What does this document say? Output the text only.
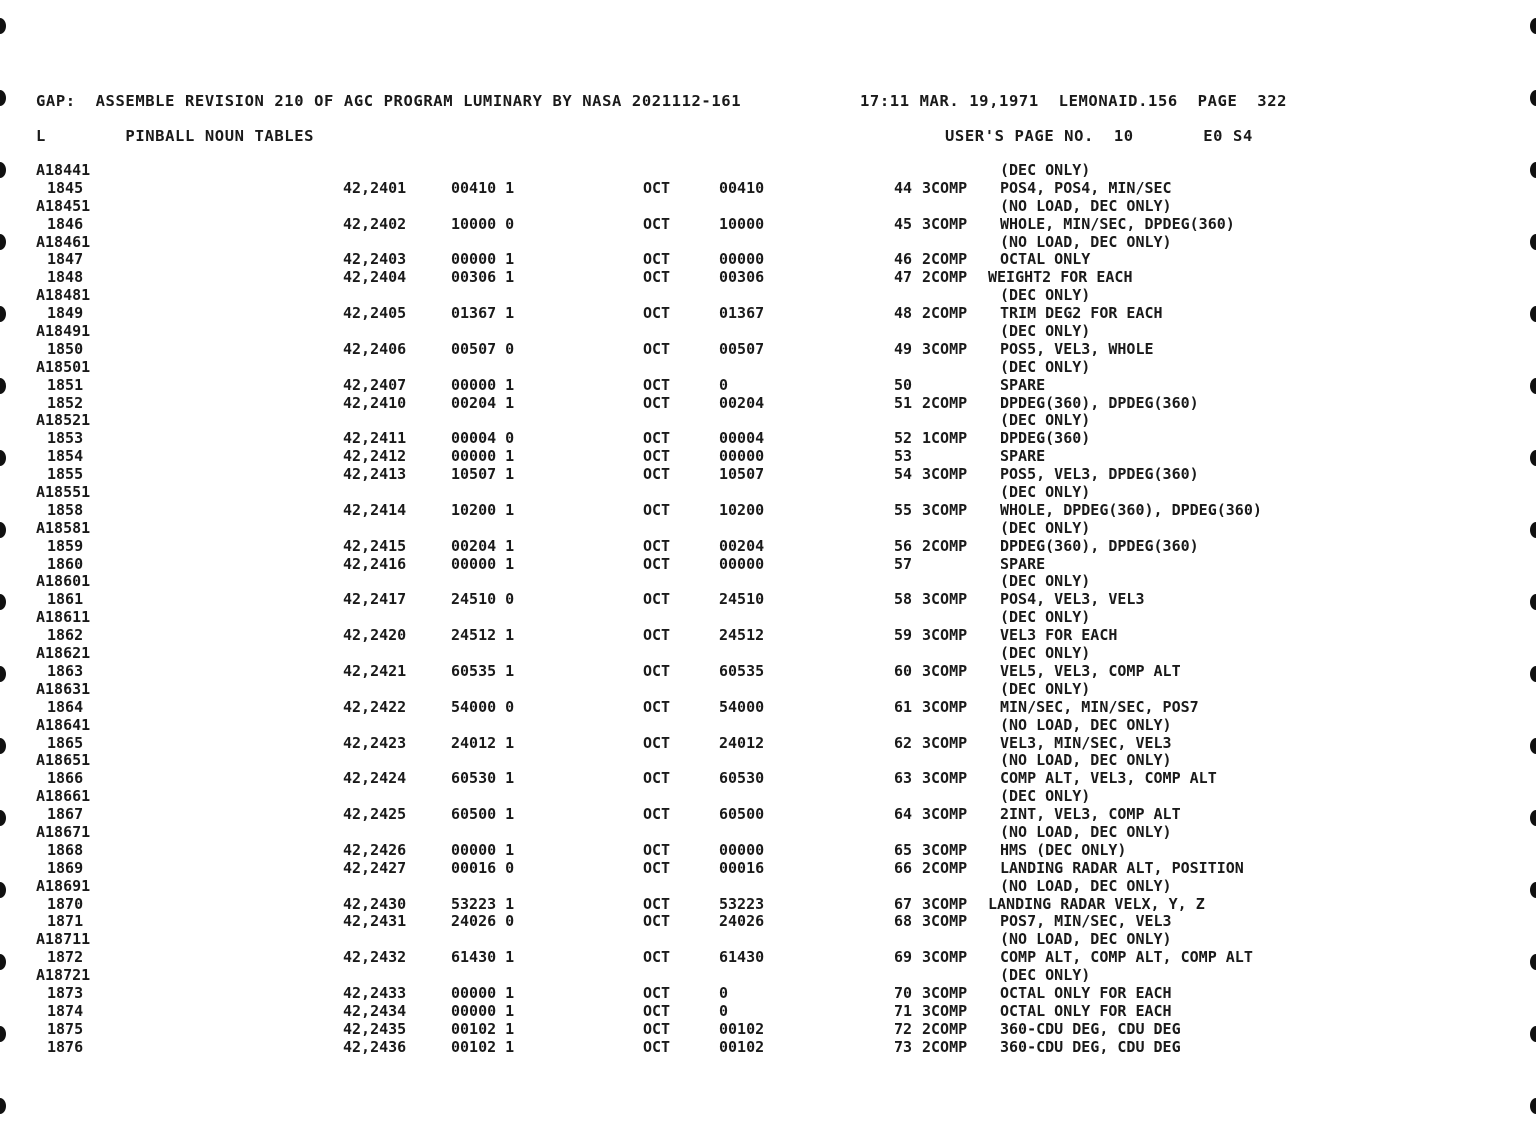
GAP:  ASSEMBLE REVISION 210 OF AGC PROGRAM LUMINARY BY NASA 2021112-161	17:11 MAR. 19,1971  LEMONAID.156  PAGE  322
L        PINBALL NOUN TABLES	USER'S PAGE NO.  10       E0 S4
A18441	(DEC ONLY)
1845	42,2401	00410 1	OCT	00410	44 3COMP POS4, POS4, MIN/SEC
A18451	(NO LOAD, DEC ONLY)
1846	42,2402	10000 0	OCT	10000	45 3COMP WHOLE, MIN/SEC, DPDEG(360)
A18461	(NO LOAD, DEC ONLY)
1847	42,2403	00000 1	OCT	00000	46 2COMP OCTAL ONLY
1848	42,2404	00306 1	OCT	00306	47 2COMP WEIGHT2 FOR EACH
A18481	(DEC ONLY)
1849	42,2405	01367 1	OCT	01367	48 2COMP TRIM DEG2 FOR EACH
A18491	(DEC ONLY)
1850	42,2406	00507 0	OCT	00507	49 3COMP POS5, VEL3, WHOLE
A18501	(DEC ONLY)
1851	42,2407	00000 1	OCT	0	50	SPARE
1852	42,2410	00204 1	OCT	00204	51 2COMP DPDEG(360), DPDEG(360)
A18521	(DEC ONLY)
1853	42,2411	00004 0	OCT	00004	52 1COMP DPDEG(360)
1854	42,2412	00000 1	OCT	00000	53	SPARE
1855	42,2413	10507 1	OCT	10507	54 3COMP POS5, VEL3, DPDEG(360)
A18551	(DEC ONLY)
1858	42,2414	10200 1	OCT	10200	55 3COMP WHOLE, DPDEG(360), DPDEG(360)
A18581	(DEC ONLY)
1859	42,2415	00204 1	OCT	00204	56 2COMP DPDEG(360), DPDEG(360)
1860	42,2416	00000 1	OCT	00000	57	SPARE
A18601	(DEC ONLY)
1861	42,2417	24510 0	OCT	24510	58 3COMP POS4, VEL3, VEL3
A18611	(DEC ONLY)
1862	42,2420	24512 1	OCT	24512	59 3COMP VEL3 FOR EACH
A18621	(DEC ONLY)
1863	42,2421	60535 1	OCT	60535	60 3COMP VEL5, VEL3, COMP ALT
A18631	(DEC ONLY)
1864	42,2422	54000 0	OCT	54000	61 3COMP MIN/SEC, MIN/SEC, POS7
A18641	(NO LOAD, DEC ONLY)
1865	42,2423	24012 1	OCT	24012	62 3COMP VEL3, MIN/SEC, VEL3
A18651	(NO LOAD, DEC ONLY)
1866	42,2424	60530 1	OCT	60530	63 3COMP COMP ALT, VEL3, COMP ALT
A18661	(DEC ONLY)
1867	42,2425	60500 1	OCT	60500	64 3COMP 2INT, VEL3, COMP ALT
A18671	(NO LOAD, DEC ONLY)
1868	42,2426	00000 1	OCT	00000	65 3COMP HMS (DEC ONLY)
1869	42,2427	00016 0	OCT	00016	66 2COMP LANDING RADAR ALT, POSITION
A18691	(NO LOAD, DEC ONLY)
1870	42,2430	53223 1	OCT	53223	67 3COMP LANDING RADAR VELX, Y, Z
1871	42,2431	24026 0	OCT	24026	68 3COMP POS7, MIN/SEC, VEL3
A18711	(NO LOAD, DEC ONLY)
1872	42,2432	61430 1	OCT	61430	69 3COMP COMP ALT, COMP ALT, COMP ALT
A18721	(DEC ONLY)
1873	42,2433	00000 1	OCT	0	70 3COMP OCTAL ONLY FOR EACH
1874	42,2434	00000 1	OCT	0	71 3COMP OCTAL ONLY FOR EACH
1875	42,2435	00102 1	OCT	00102	72 2COMP 360-CDU DEG, CDU DEG
1876	42,2436	00102 1	OCT	00102	73 2COMP 360-CDU DEG, CDU DEG
